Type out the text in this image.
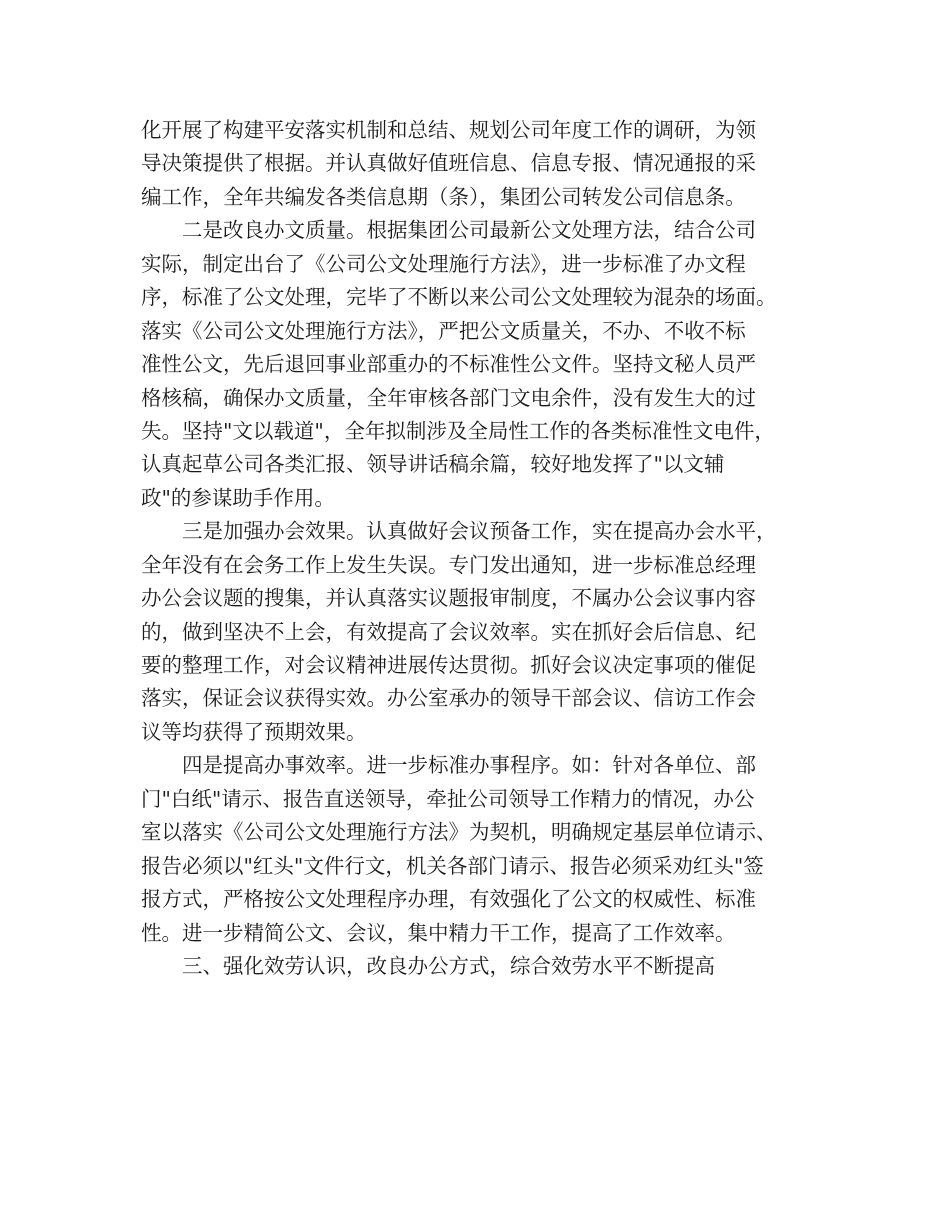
化开展了构建平安落实机制和总结、规划公司年度工作的调研，为领
导决策提供了根据。并认真做好值班信息、信息专报、情况通报的采
编工作，全年共编发各类信息期（条），集团公司转发公司信息条。
二是改良办文质量。根据集团公司最新公文处理方法，结合公司
实际，制定出台了《公司公文处理施行方法》，进一步标准了办文程
序，标准了公文处理，完毕了不断以来公司公文处理较为混杂的场面。
落实《公司公文处理施行方法》，严把公文质量关，不办、不收不标
准性公文，先后退回事业部重办的不标准性公文件。坚持文秘人员严
格核稿，确保办文质量，全年审核各部门文电余件，没有发生大的过
失。坚持"文以载道"，全年拟制涉及全局性工作的各类标准性文电件，
认真起草公司各类汇报、领导讲话稿余篇，较好地发挥了"以文辅
政"的参谋助手作用。
三是加强办会效果。认真做好会议预备工作，实在提高办会水平，
全年没有在会务工作上发生失误。专门发出通知，进一步标准总经理
办公会议题的搜集，并认真落实议题报审制度，不属办公会议事内容
的，做到坚决不上会，有效提高了会议效率。实在抓好会后信息、纪
要的整理工作，对会议精神进展传达贯彻。抓好会议决定事项的催促
落实，保证会议获得实效。办公室承办的领导干部会议、信访工作会
议等均获得了预期效果。
四是提高办事效率。进一步标准办事程序。如：针对各单位、部
门"白纸"请示、报告直送领导，牵扯公司领导工作精力的情况，办公
室以落实《公司公文处理施行方法》为契机，明确规定基层单位请示、
报告必须以"红头"文件行文，机关各部门请示、报告必须采劝红头"签
报方式，严格按公文处理程序办理，有效强化了公文的权威性、标准
性。进一步精简公文、会议，集中精力干工作，提高了工作效率。
三、强化效劳认识，改良办公方式，综合效劳水平不断提高
